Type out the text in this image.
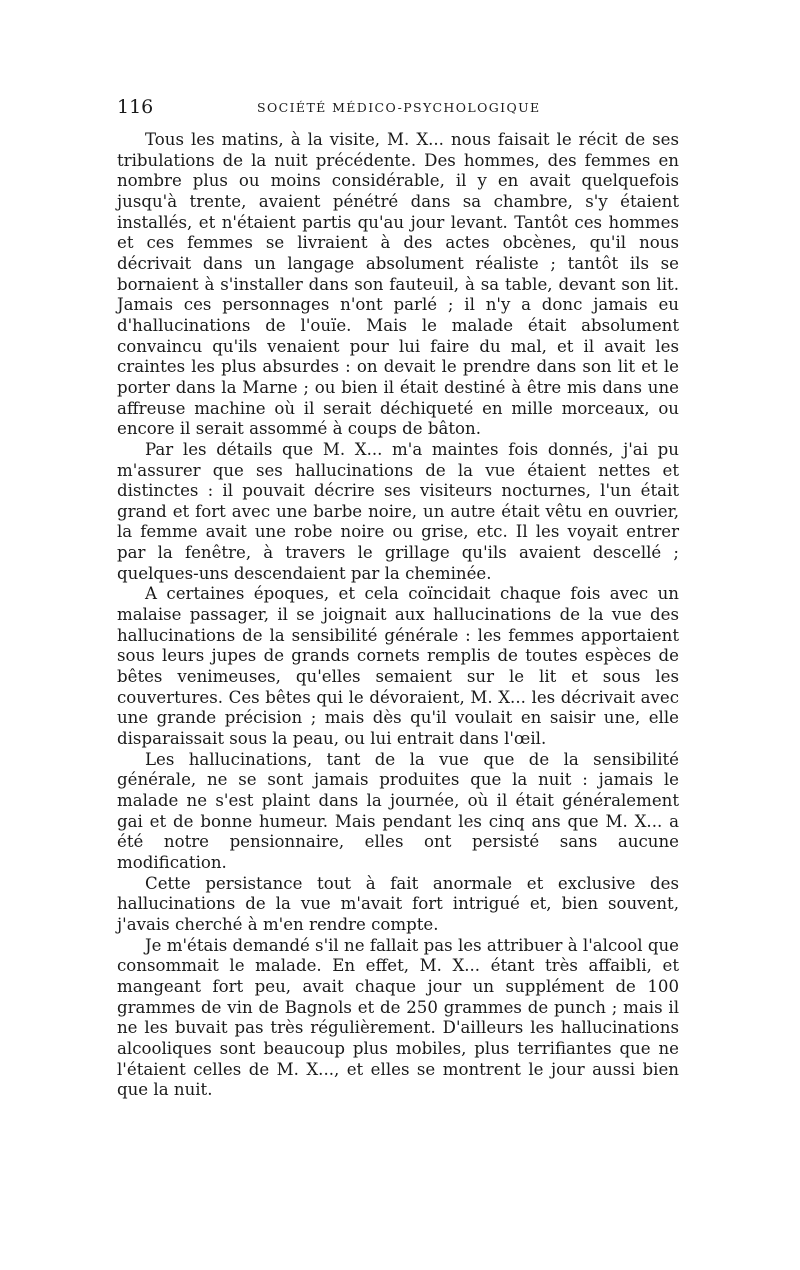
116	SOCIÉTÉ MÉDICO-PSYCHOLOGIQUE

Tous les matins, à la visite, M. X... nous faisait le récit de ses tribulations de la nuit précédente. Des hommes, des femmes en nombre plus ou moins considérable, il y en avait quelquefois jusqu'à trente, avaient pénétré dans sa chambre, s'y étaient installés, et n'étaient partis qu'au jour levant. Tantôt ces hommes et ces femmes se livraient à des actes obcènes, qu'il nous décrivait dans un langage absolument réaliste ; tantôt ils se bornaient à s'installer dans son fauteuil, à sa table, devant son lit. Jamais ces personnages n'ont parlé ; il n'y a donc jamais eu d'hallucinations de l'ouïe. Mais le malade était absolument convaincu qu'ils venaient pour lui faire du mal, et il avait les craintes les plus absurdes : on devait le prendre dans son lit et le porter dans la Marne ; ou bien il était destiné à être mis dans une affreuse machine où il serait déchiqueté en mille morceaux, ou encore il serait assommé à coups de bâton.

Par les détails que M. X... m'a maintes fois donnés, j'ai pu m'assurer que ses hallucinations de la vue étaient nettes et distinctes : il pouvait décrire ses visiteurs nocturnes, l'un était grand et fort avec une barbe noire, un autre était vêtu en ouvrier, la femme avait une robe noire ou grise, etc. Il les voyait entrer par la fenêtre, à travers le grillage qu'ils avaient descellé ; quelques-uns descendaient par la cheminée.

A certaines époques, et cela coïncidait chaque fois avec un malaise passager, il se joignait aux hallucinations de la vue des hallucinations de la sensibilité générale : les femmes apportaient sous leurs jupes de grands cornets remplis de toutes espèces de bêtes venimeuses, qu'elles semaient sur le lit et sous les couvertures. Ces bêtes qui le dévoraient, M. X... les décrivait avec une grande précision ; mais dès qu'il voulait en saisir une, elle disparaissait sous la peau, ou lui entrait dans l'œil.

Les hallucinations, tant de la vue que de la sensibilité générale, ne se sont jamais produites que la nuit : jamais le malade ne s'est plaint dans la journée, où il était généralement gai et de bonne humeur. Mais pendant les cinq ans que M. X... a été notre pensionnaire, elles ont persisté sans aucune modification.

Cette persistance tout à fait anormale et exclusive des hallucinations de la vue m'avait fort intrigué et, bien souvent, j'avais cherché à m'en rendre compte.

Je m'étais demandé s'il ne fallait pas les attribuer à l'alcool que consommait le malade. En effet, M. X... étant très affaibli, et mangeant fort peu, avait chaque jour un supplément de 100 grammes de vin de Bagnols et de 250 grammes de punch ; mais il ne les buvait pas très régulièrement. D'ailleurs les hallucinations alcooliques sont beaucoup plus mobiles, plus terrifiantes que ne l'étaient celles de M. X..., et elles se montrent le jour aussi bien que la nuit.
